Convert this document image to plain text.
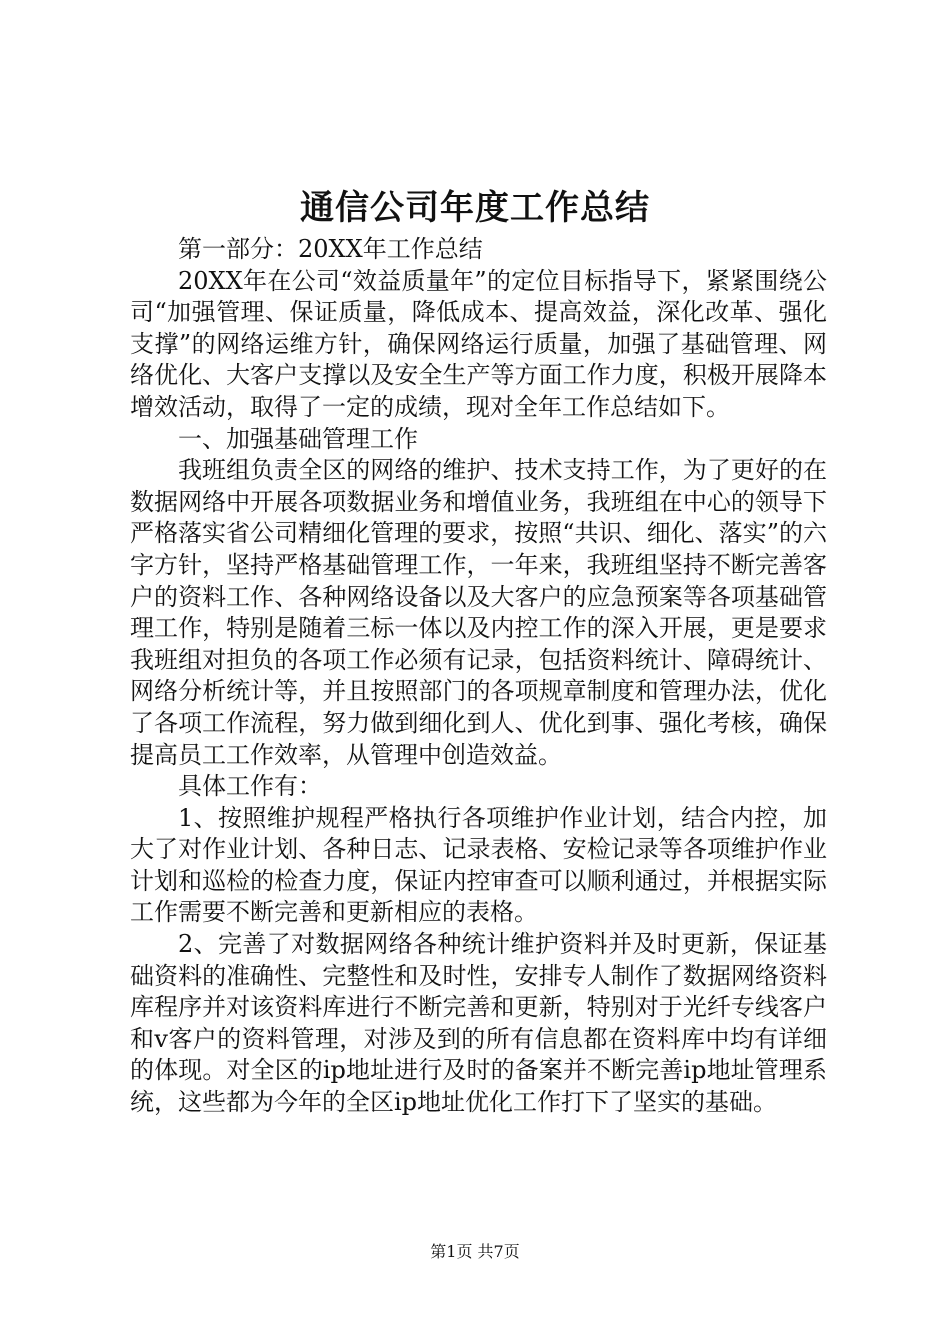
通信公司年度工作总结

第一部分：20XX年工作总结

20XX年在公司“效益质量年”的定位目标指导下，紧紧围绕公司“加强管理、保证质量，降低成本、提高效益，深化改革、强化支撑”的网络运维方针，确保网络运行质量，加强了基础管理、网络优化、大客户支撑以及安全生产等方面工作力度，积极开展降本增效活动，取得了一定的成绩，现对全年工作总结如下。

一、加强基础管理工作

我班组负责全区的网络的维护、技术支持工作，为了更好的在数据网络中开展各项数据业务和增值业务，我班组在中心的领导下严格落实省公司精细化管理的要求，按照“共识、细化、落实”的六字方针，坚持严格基础管理工作，一年来，我班组坚持不断完善客户的资料工作、各种网络设备以及大客户的应急预案等各项基础管理工作，特别是随着三标一体以及内控工作的深入开展，更是要求我班组对担负的各项工作必须有记录，包括资料统计、障碍统计、网络分析统计等，并且按照部门的各项规章制度和管理办法，优化了各项工作流程，努力做到细化到人、优化到事、强化考核，确保提高员工工作效率，从管理中创造效益。

具体工作有：

1、按照维护规程严格执行各项维护作业计划，结合内控，加大了对作业计划、各种日志、记录表格、安检记录等各项维护作业计划和巡检的检查力度，保证内控审查可以顺利通过，并根据实际工作需要不断完善和更新相应的表格。

2、完善了对数据网络各种统计维护资料并及时更新，保证基础资料的准确性、完整性和及时性，安排专人制作了数据网络资料库程序并对该资料库进行不断完善和更新，特别对于光纤专线客户和v客户的资料管理，对涉及到的所有信息都在资料库中均有详细的体现。对全区的ip地址进行及时的备案并不断完善ip地址管理系统，这些都为今年的全区ip地址优化工作打下了坚实的基础。

第1页 共7页
